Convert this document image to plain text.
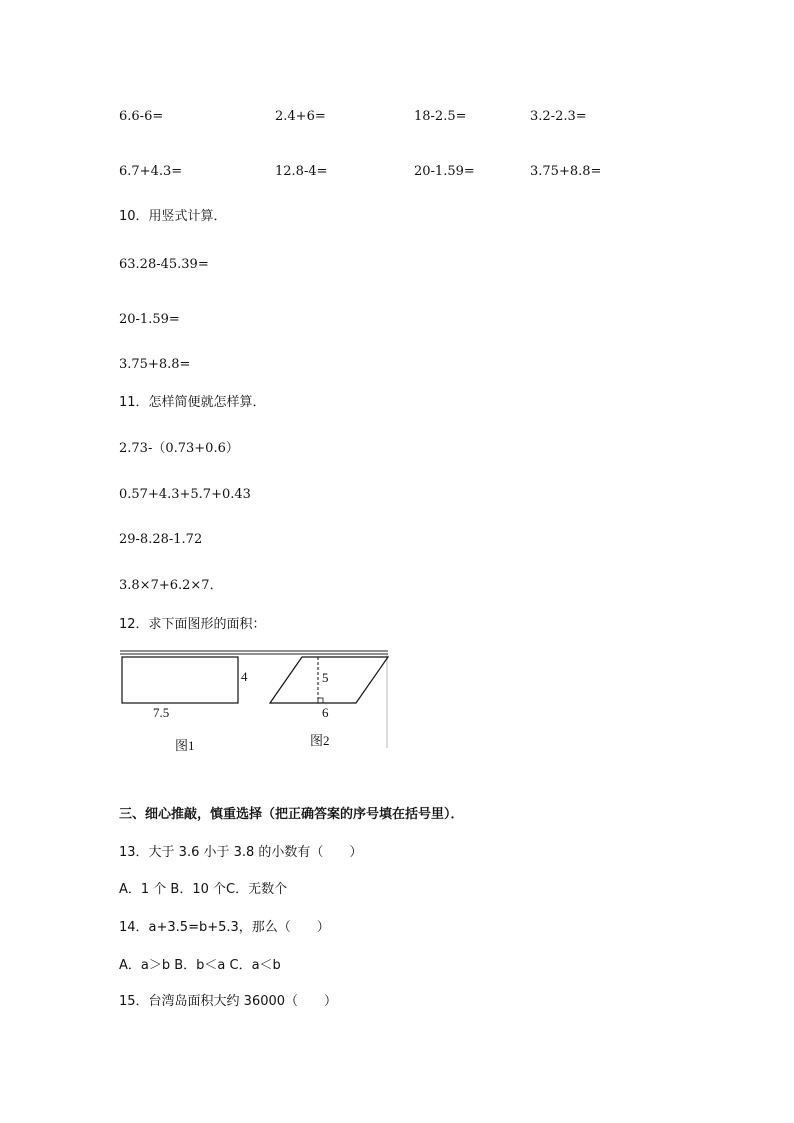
6.6-6=	2.4+6=	18-2.5=	3.2-2.3=
6.7+4.3=	12.8-4=	20-1.59=	3.75+8.8=
10．用竖式计算．
63.28-45.39=
20-1.59=
3.75+8.8=
11．怎样简便就怎样算．
2.73-（0.73+0.6）
0.57+4.3+5.7+0.43
29-8.28-1.72
3.8×7+6.2×7．
12．求下面图形的面积：
4
7.5
图1
5
6
图2
三、细心推敲，慎重选择（把正确答案的序号填在括号里）．
13．大于 3.6 小于 3.8 的小数有（　　）
A．1 个 B．10 个C．无数个
14．a+3.5=b+5.3，那么（　　）
A．a＞b B．b＜a C．a＜b
15．台湾岛面积大约 36000（　　）
